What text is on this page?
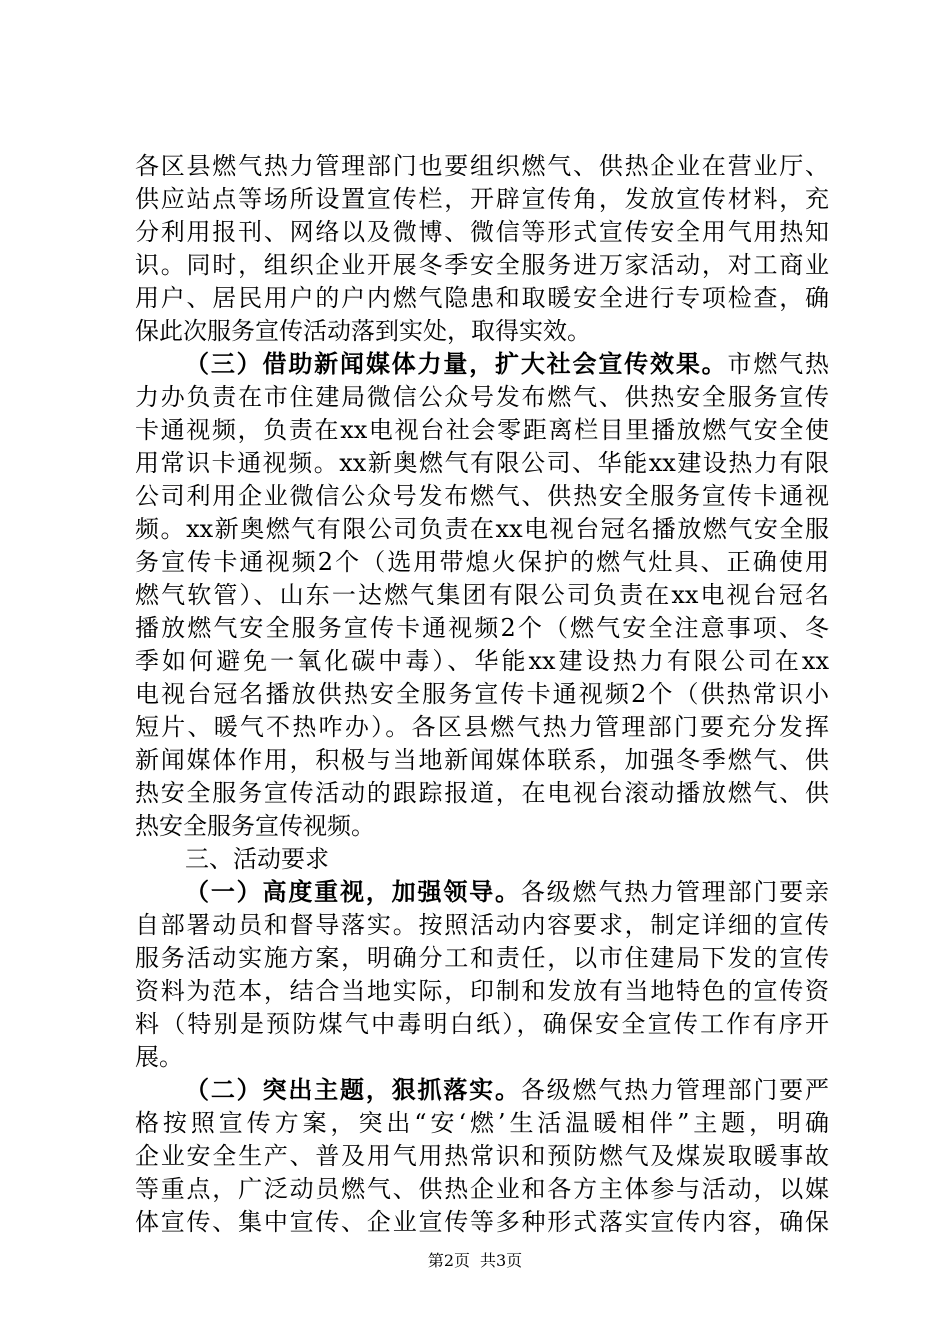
各区县燃气热力管理部门也要组织燃气、供热企业在营业厅、
供应站点等场所设置宣传栏，开辟宣传角，发放宣传材料，充
分利用报刊、网络以及微博、微信等形式宣传安全用气用热知
识。同时，组织企业开展冬季安全服务进万家活动，对工商业
用户、居民用户的户内燃气隐患和取暖安全进行专项检查，确
保此次服务宣传活动落到实处，取得实效。
（三）借助新闻媒体力量，扩大社会宣传效果。市燃气热
力办负责在市住建局微信公众号发布燃气、供热安全服务宣传
卡通视频，负责在xx电视台社会零距离栏目里播放燃气安全使
用常识卡通视频。xx新奥燃气有限公司、华能xx建设热力有限
公司利用企业微信公众号发布燃气、供热安全服务宣传卡通视
频。xx新奥燃气有限公司负责在xx电视台冠名播放燃气安全服
务宣传卡通视频2个（选用带熄火保护的燃气灶具、正确使用
燃气软管）、山东一达燃气集团有限公司负责在xx电视台冠名
播放燃气安全服务宣传卡通视频2个（燃气安全注意事项、冬
季如何避免一氧化碳中毒）、华能xx建设热力有限公司在xx
电视台冠名播放供热安全服务宣传卡通视频2个（供热常识小
短片、暖气不热咋办）。各区县燃气热力管理部门要充分发挥
新闻媒体作用，积极与当地新闻媒体联系，加强冬季燃气、供
热安全服务宣传活动的跟踪报道，在电视台滚动播放燃气、供
热安全服务宣传视频。
三、活动要求
（一）高度重视，加强领导。各级燃气热力管理部门要亲
自部署动员和督导落实。按照活动内容要求，制定详细的宣传
服务活动实施方案，明确分工和责任，以市住建局下发的宣传
资料为范本，结合当地实际，印制和发放有当地特色的宣传资
料（特别是预防煤气中毒明白纸），确保安全宣传工作有序开
展。
（二）突出主题，狠抓落实。各级燃气热力管理部门要严
格按照宣传方案，突出“安‘燃’生活温暖相伴”主题，明确
企业安全生产、普及用气用热常识和预防燃气及煤炭取暖事故
等重点，广泛动员燃气、供热企业和各方主体参与活动，以媒
体宣传、集中宣传、企业宣传等多种形式落实宣传内容，确保
第2页 共3页
